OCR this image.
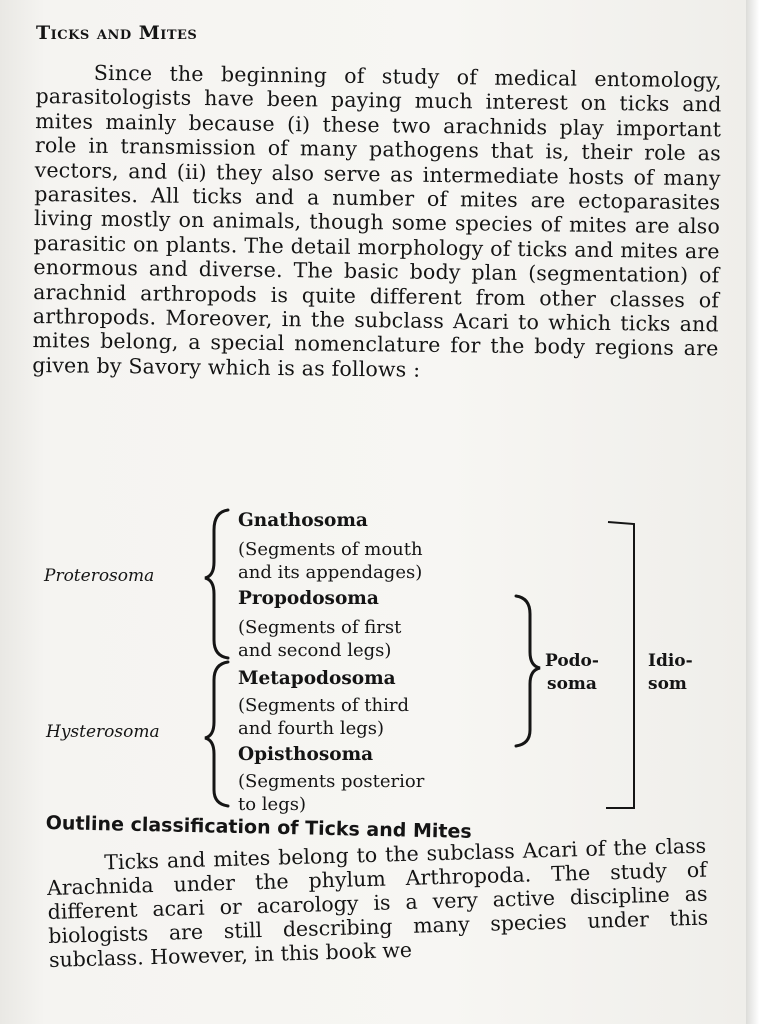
Ticks and Mites

Since the beginning of study of medical entomology, parasitologists have been paying much interest on ticks and mites mainly because (i) these two arachnids play important role in transmission of many pathogens that is, their role as vectors, and (ii) they also serve as intermediate hosts of many parasites. All ticks and a number of mites are ectoparasites living mostly on animals, though some species of mites are also parasitic on plants. The detail morphology of ticks and mites are enormous and diverse. The basic body plan (segmentation) of arachnid arthropods is quite different from other classes of arthropods. Moreover, in the subclass Acari to which ticks and mites belong, a special nomenclature for the body regions are given by Savory which is as follows :

Proterosoma
Hysterosoma
Gnathosoma
(Segments of mouth
and its appendages)
Propodosoma
(Segments of first
and second legs)
Metapodosoma
(Segments of third
and fourth legs)
Opisthosoma
(Segments posterior
to legs)
Podo-
soma
Idio-
som
Outline classification of Ticks and Mites

Ticks and mites belong to the subclass Acari of the class Arachnida under the phylum Arthropoda. The study of different acari or acarology is a very active discipline as biologists are still describing many species under this subclass. However, in this book we
